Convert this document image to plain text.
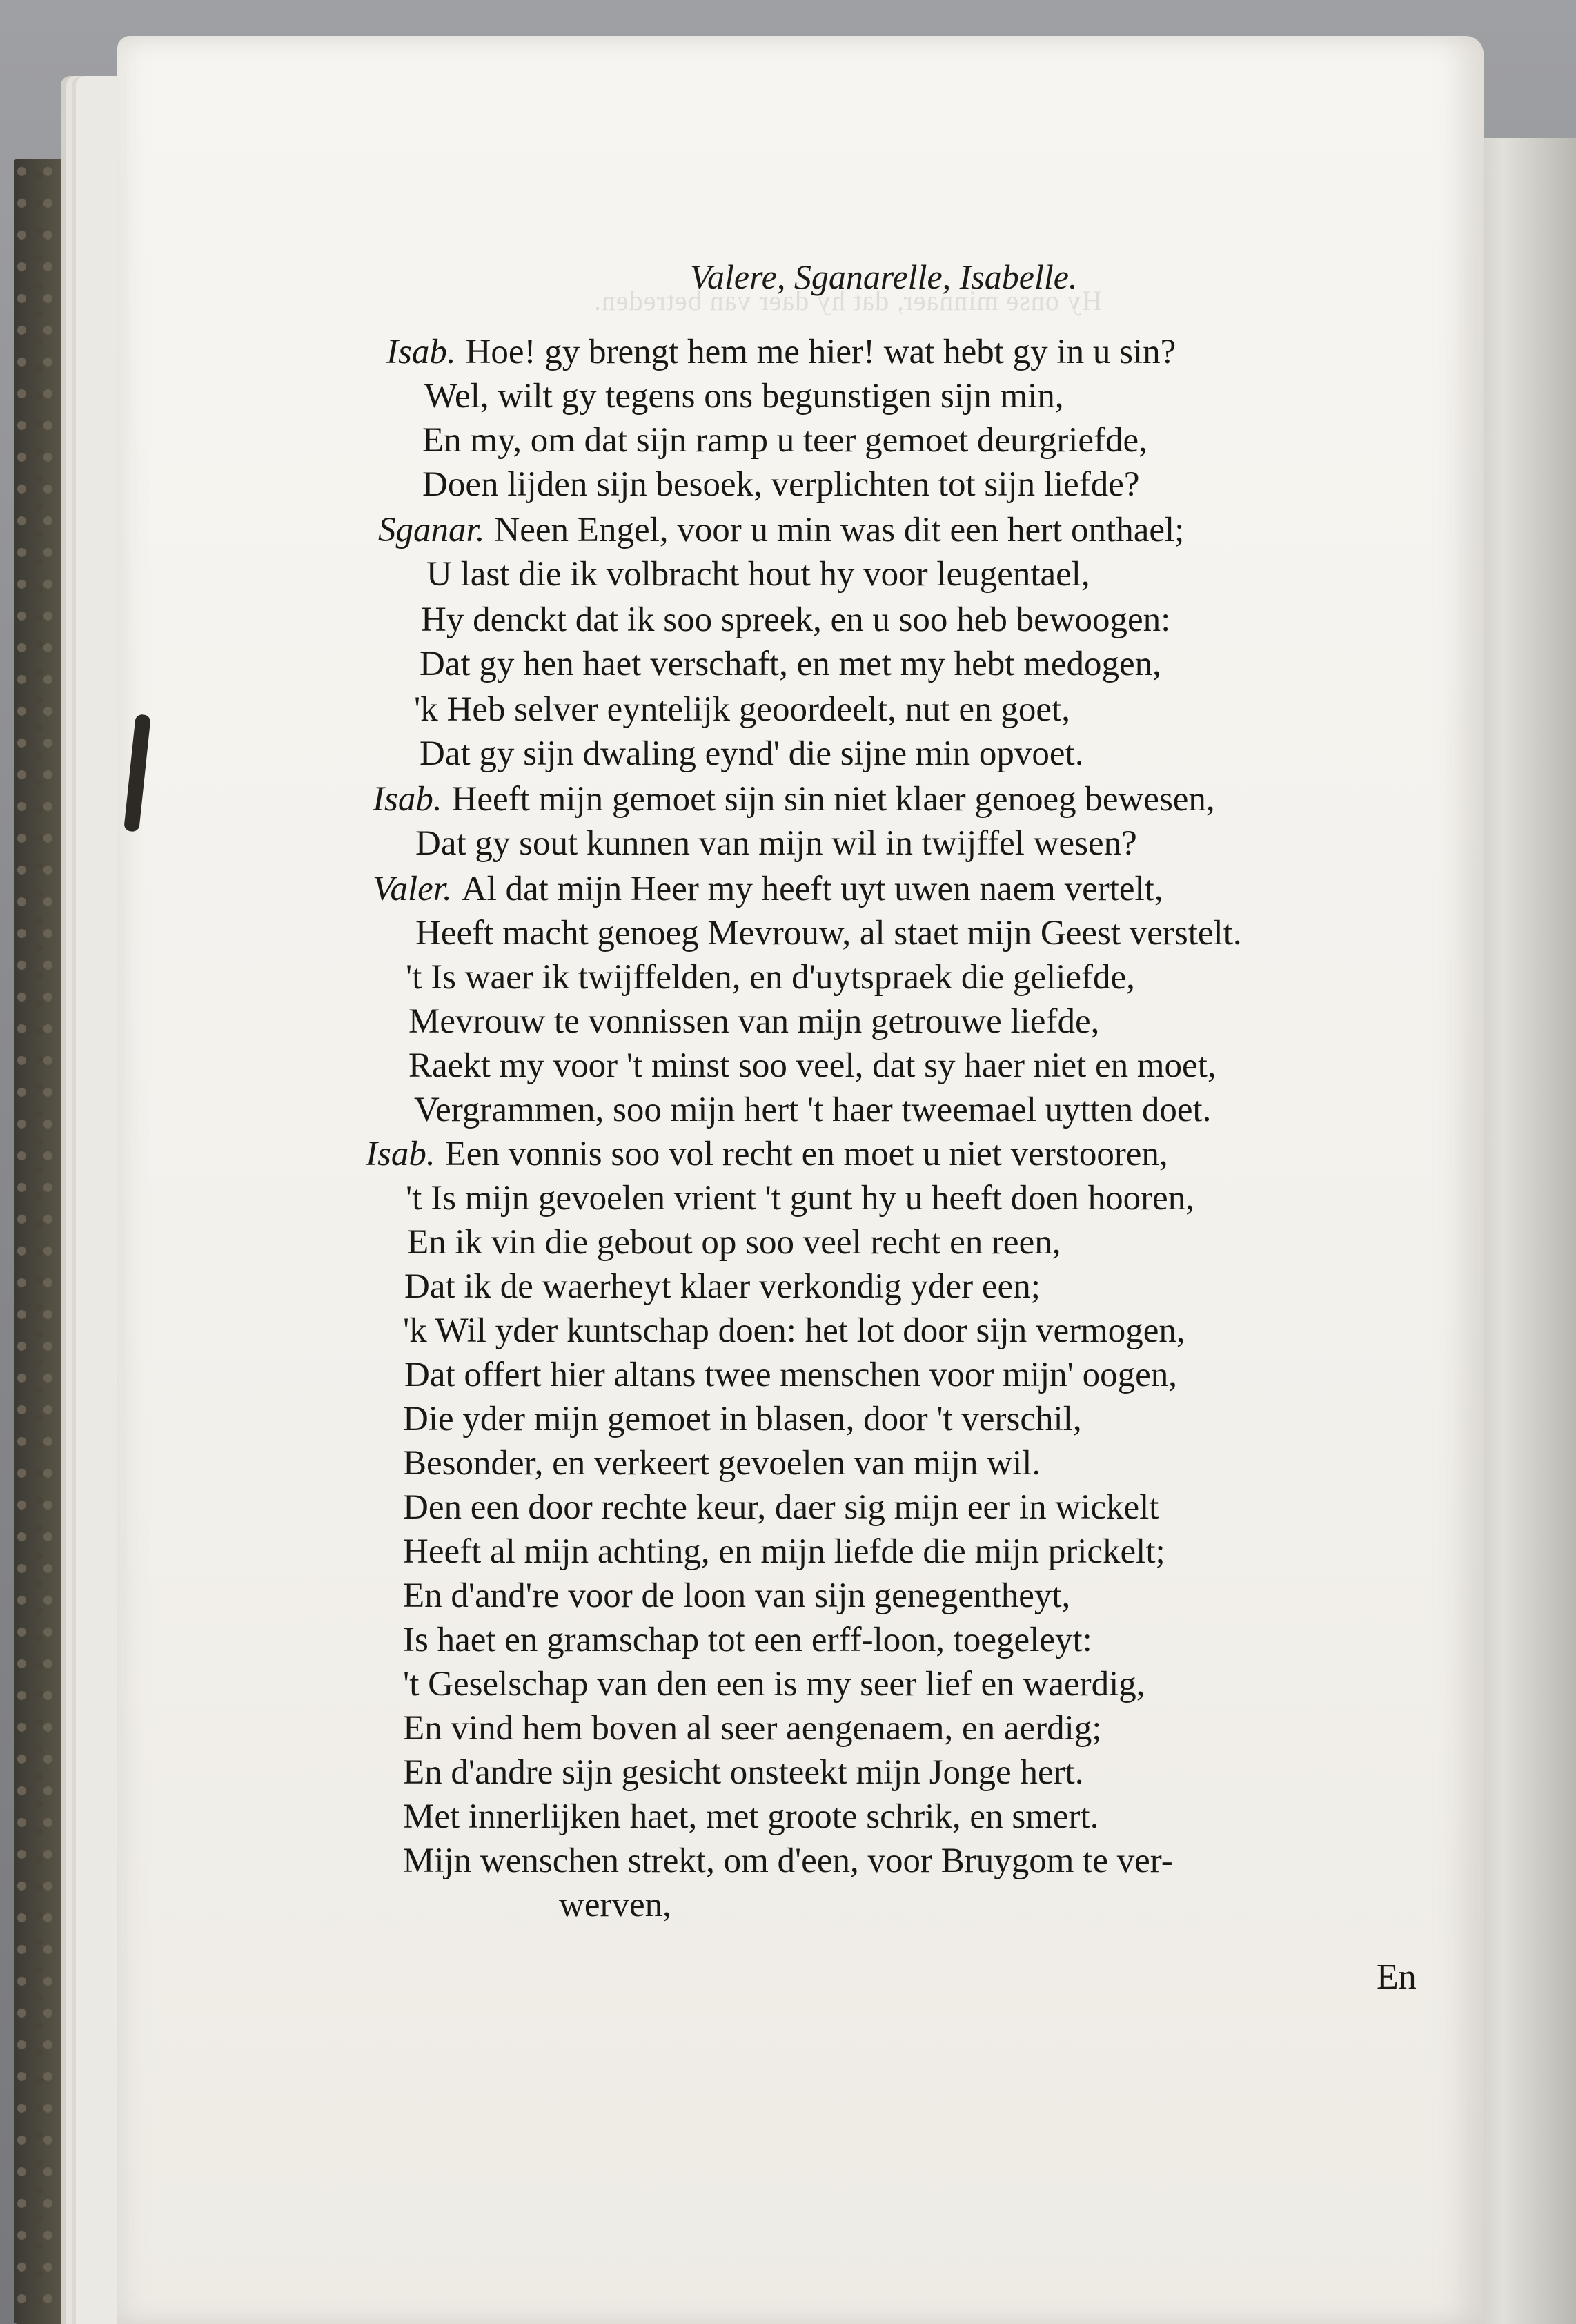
Hy onse minnaer, dat hy daer van betreden.
Valere, Sganarelle, Isabelle.
Isab. Hoe! gy brengt hem me hier! wat hebt gy in u sin?
Wel, wilt gy tegens ons begunstigen sijn min,
En my, om dat sijn ramp u teer gemoet deurgriefde,
Doen lijden sijn besoek, verplichten tot sijn liefde?
Sganar. Neen Engel, voor u min was dit een hert onthael;
U last die ik volbracht hout hy voor leugentael,
Hy denckt dat ik soo spreek, en u soo heb bewoogen:
Dat gy hen haet verschaft, en met my hebt medogen,
'k Heb selver eyntelijk geoordeelt, nut en goet,
Dat gy sijn dwaling eynd' die sijne min opvoet.
Isab. Heeft mijn gemoet sijn sin niet klaer genoeg bewesen,
Dat gy sout kunnen van mijn wil in twijffel wesen?
Valer. Al dat mijn Heer my heeft uyt uwen naem vertelt,
Heeft macht genoeg Mevrouw, al staet mijn Geest verstelt.
't Is waer ik twijffelden, en d'uytspraek die geliefde,
Mevrouw te vonnissen van mijn getrouwe liefde,
Raekt my voor 't minst soo veel, dat sy haer niet en moet,
Vergrammen, soo mijn hert 't haer tweemael uytten doet.
Isab. Een vonnis soo vol recht en moet u niet verstooren,
't Is mijn gevoelen vrient 't gunt hy u heeft doen hooren,
En ik vin die gebout op soo veel recht en reen,
Dat ik de waerheyt klaer verkondig yder een;
'k Wil yder kuntschap doen: het lot door sijn vermogen,
Dat offert hier altans twee menschen voor mijn' oogen,
Die yder mijn gemoet in blasen, door 't verschil,
Besonder, en verkeert gevoelen van mijn wil.
Den een door rechte keur, daer sig mijn eer in wickelt
Heeft al mijn achting, en mijn liefde die mijn prickelt;
En d'and're voor de loon van sijn genegentheyt,
Is haet en gramschap tot een erff-loon, toegeleyt:
't Geselschap van den een is my seer lief en waerdig,
En vind hem boven al seer aengenaem, en aerdig;
En d'andre sijn gesicht onsteekt mijn Jonge hert.
Met innerlijken haet, met groote schrik, en smert.
Mijn wenschen strekt, om d'een, voor Bruygom te ver-
werven,
En
